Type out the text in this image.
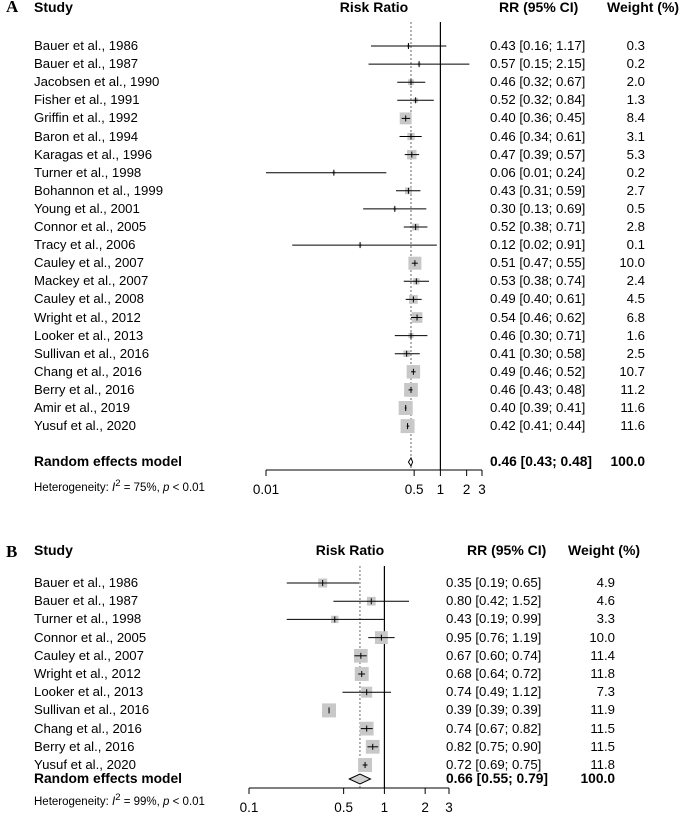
A Study	Risk Ratio	RR (95% CI) Weight (%)
Bauer et al., 1986	0.43 [0.16; 1.17]	0.3
Bauer et al., 1987	0.57 [0.15; 2.15]	0.2
Jacobsen et al., 1990	0.46 [0.32; 0.67]	2.0
Fisher et al., 1991	0.52 [0.32; 0.84]	1.3
Griffin et al., 1992	0.40 [0.36; 0.45]	8.4
Baron et al., 1994	0.46 [0.34; 0.61]	3.1
Karagas et al., 1996	0.47 [0.39; 0.57]	5.3
Turner et al., 1998	0.06 [0.01; 0.24]	0.2
Bohannon et al., 1999	0.43 [0.31; 0.59]	2.7
Young et al., 2001	0.30 [0.13; 0.69]	0.5
Connor et al., 2005	0.52 [0.38; 0.71]	2.8
Tracy et al., 2006	0.12 [0.02; 0.91]	0.1
Cauley et al., 2007	0.51 [0.47; 0.55]	10.0
Mackey et al., 2007	0.53 [0.38; 0.74]	2.4
Cauley et al., 2008	0.49 [0.40; 0.61]	4.5
Wright et al., 2012	0.54 [0.46; 0.62]	6.8
Looker et al., 2013	0.46 [0.30; 0.71]	1.6
Sullivan et al., 2016	0.41 [0.30; 0.58]	2.5
Chang et al., 2016	0.49 [0.46; 0.52]	10.7
Berry et al., 2016	0.46 [0.43; 0.48]	11.2
Amir et al., 2019	0.40 [0.39; 0.41]	11.6
Yusuf et al., 2020	0.42 [0.41; 0.44]	11.6
Random effects model	0.46 [0.43; 0.48]	100.0
Heterogeneity: $I^2 = 75\%$, p < 0.01	0.01	0.5 1 2 3
B Study	Risk Ratio	RR (95% CI) Weight (%)
Bauer et al., 1986	0.35 [0.19; 0.65]	4.9
Bauer et al., 1987	0.80 [0.42; 1.52]	4.6
Turner et al., 1998	0.43 [0.19; 0.99]	3.3
Connor et al., 2005	0.95 [0.76; 1.19]	10.0
Cauley et al., 2007	0.67 [0.60; 0.74]	11.4
Wright et al., 2012	0.68 [0.64; 0.72]	11.8
Looker et al., 2013	0.74 [0.49; 1.12]	7.3
Sullivan et al., 2016	0.39 [0.39; 0.39]	11.9
Chang et al., 2016	0.74 [0.67; 0.82]	11.5
Berry et al., 2016	0.82 [0.75; 0.90]	11.5
Yusuf et al., 2020	0.72 [0.69; 0.75]	11.8
Random effects model	0.66 [0.55; 0.79]	100.0
Heterogeneity: $I^2 = 99\%$, p < 0.01	0.1	0.5 1 2 3
